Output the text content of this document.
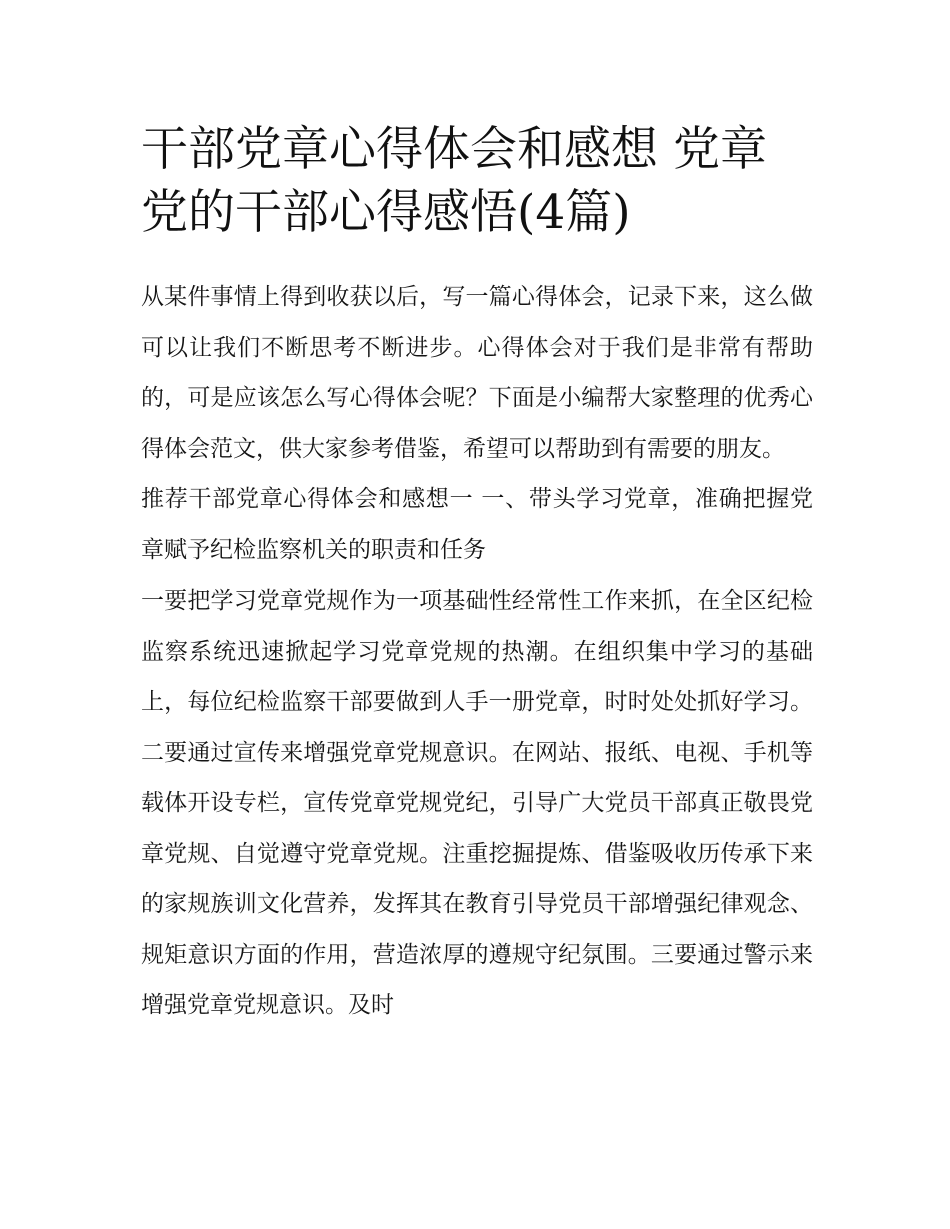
干部党章心得体会和感想 党章党的干部心得感悟(4篇)

从某件事情上得到收获以后，写一篇心得体会，记录下来，这么做可以让我们不断思考不断进步。心得体会对于我们是非常有帮助的，可是应该怎么写心得体会呢？下面是小编帮大家整理的优秀心得体会范文，供大家参考借鉴，希望可以帮助到有需要的朋友。

推荐干部党章心得体会和感想一 一、带头学习党章，准确把握党章赋予纪检监察机关的职责和任务

一要把学习党章党规作为一项基础性经常性工作来抓，在全区纪检监察系统迅速掀起学习党章党规的热潮。在组织集中学习的基础上，每位纪检监察干部要做到人手一册党章，时时处处抓好学习。二要通过宣传来增强党章党规意识。在网站、报纸、电视、手机等载体开设专栏，宣传党章党规党纪，引导广大党员干部真正敬畏党章党规、自觉遵守党章党规。注重挖掘提炼、借鉴吸收历传承下来的家规族训文化营养，发挥其在教育引导党员干部增强纪律观念、规矩意识方面的作用，营造浓厚的遵规守纪氛围。三要通过警示来增强党章党规意识。及时
